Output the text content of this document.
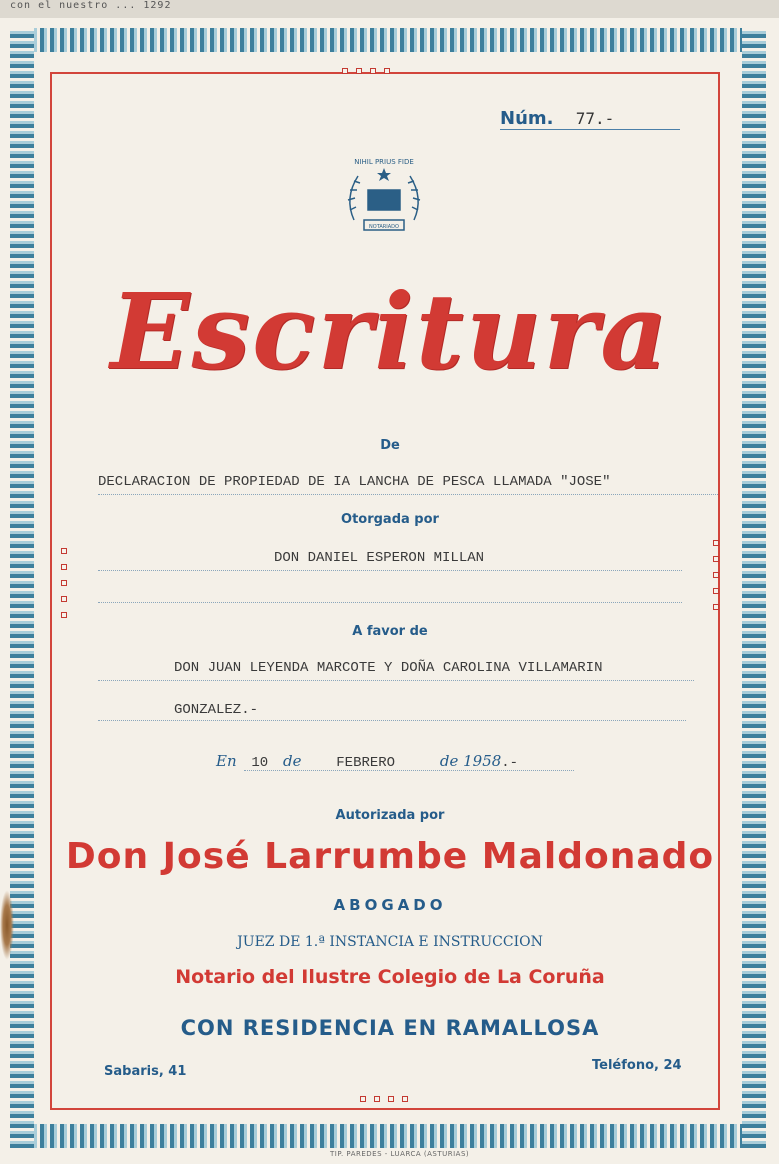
con el nuestro ... 1292
Núm. 77.-
NIHIL PRIUS FIDE
NOTARIADO
Escritura
De
DECLARACION DE PROPIEDAD DE IA LANCHA DE PESCA LLAMADA "JOSE"
Otorgada por
DON DANIEL ESPERON MILLAN
A favor de
DON JUAN LEYENDA MARCOTE Y DOÑA CAROLINA VILLAMARIN
GONZALEZ.-
En 10 de FEBRERO	de 1958.-
Autorizada por
Don José Larrumbe Maldonado
ABOGADO
JUEZ DE 1.ª INSTANCIA E INSTRUCCION
Notario del Ilustre Colegio de La Coruña
CON RESIDENCIA EN RAMALLOSA
Sabaris, 41	Teléfono, 24
TIP. PAREDES - LUARCA (ASTURIAS)
